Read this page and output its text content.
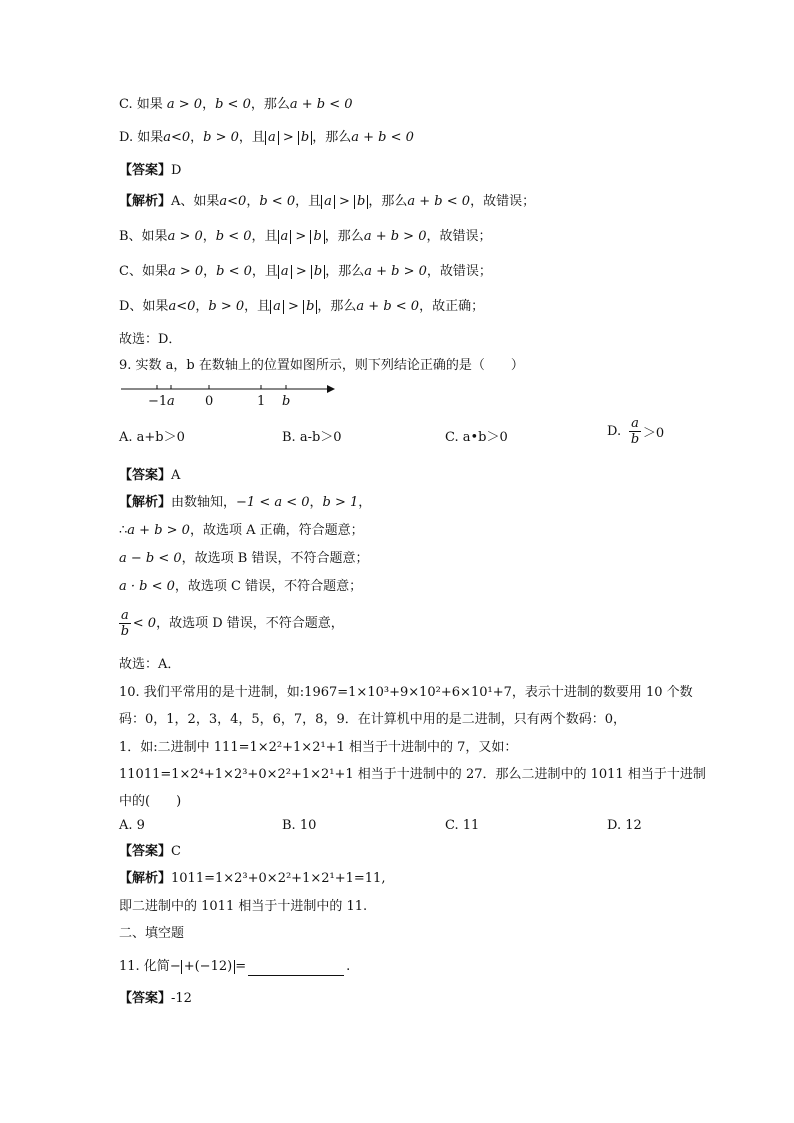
C. 如果 a > 0，b < 0，那么a + b < 0
D. 如果a<0，b > 0，且 a > b ，那么a + b < 0
【答案】D
【解析】A、如果a<0，b < 0，且 a > b ，那么a + b < 0，故错误；
B、如果a > 0，b < 0，且 a > b ，那么a + b > 0，故错误；
C、如果a > 0，b < 0，且 a > b ，那么a + b > 0，故错误；
D、如果a<0，b > 0，且 a > b ，那么a + b < 0，故正确；
故选：D．
9. 实数 a，b 在数轴上的位置如图所示，则下列结论正确的是（　　）
−1 a 0	1 b
A. a+b＞0	B. a-b＞0	C. a•b＞0	D. $\frac{a}{b} >0$
【答案】A
【解析】由数轴知，−1 < a < 0，b > 1，
∴a + b > 0，故选项 A 正确，符合题意；
a − b < 0，故选项 B 错误，不符合题意；
a · b < 0，故选项 C 错误，不符合题意；
$\frac{a}{b} < 0$ ，故选项 D 错误，不符合题意，
故选：A．
10. 我们平常用的是十进制，如:1967=1×10³+9×10²+6×10¹+7，表示十进制的数要用 10 个数
码：0，1，2，3，4，5，6，7，8，9．在计算机中用的是二进制，只有两个数码：0，
1．如:二进制中 111=1×2²+1×2¹+1 相当于十进制中的 7，又如：
11011=1×2⁴+1×2³+0×2²+1×2¹+1 相当于十进制中的 27．那么二进制中的 1011 相当于十进制
中的(　　)
A. 9	B. 10	C. 11	D. 12
【答案】C
【解析】1011=1×2³+0×2²+1×2¹+1=11,
即二进制中的 1011 相当于十进制中的 11.
二、填空题
11. 化简− +(−12) =	.
【答案】-12
